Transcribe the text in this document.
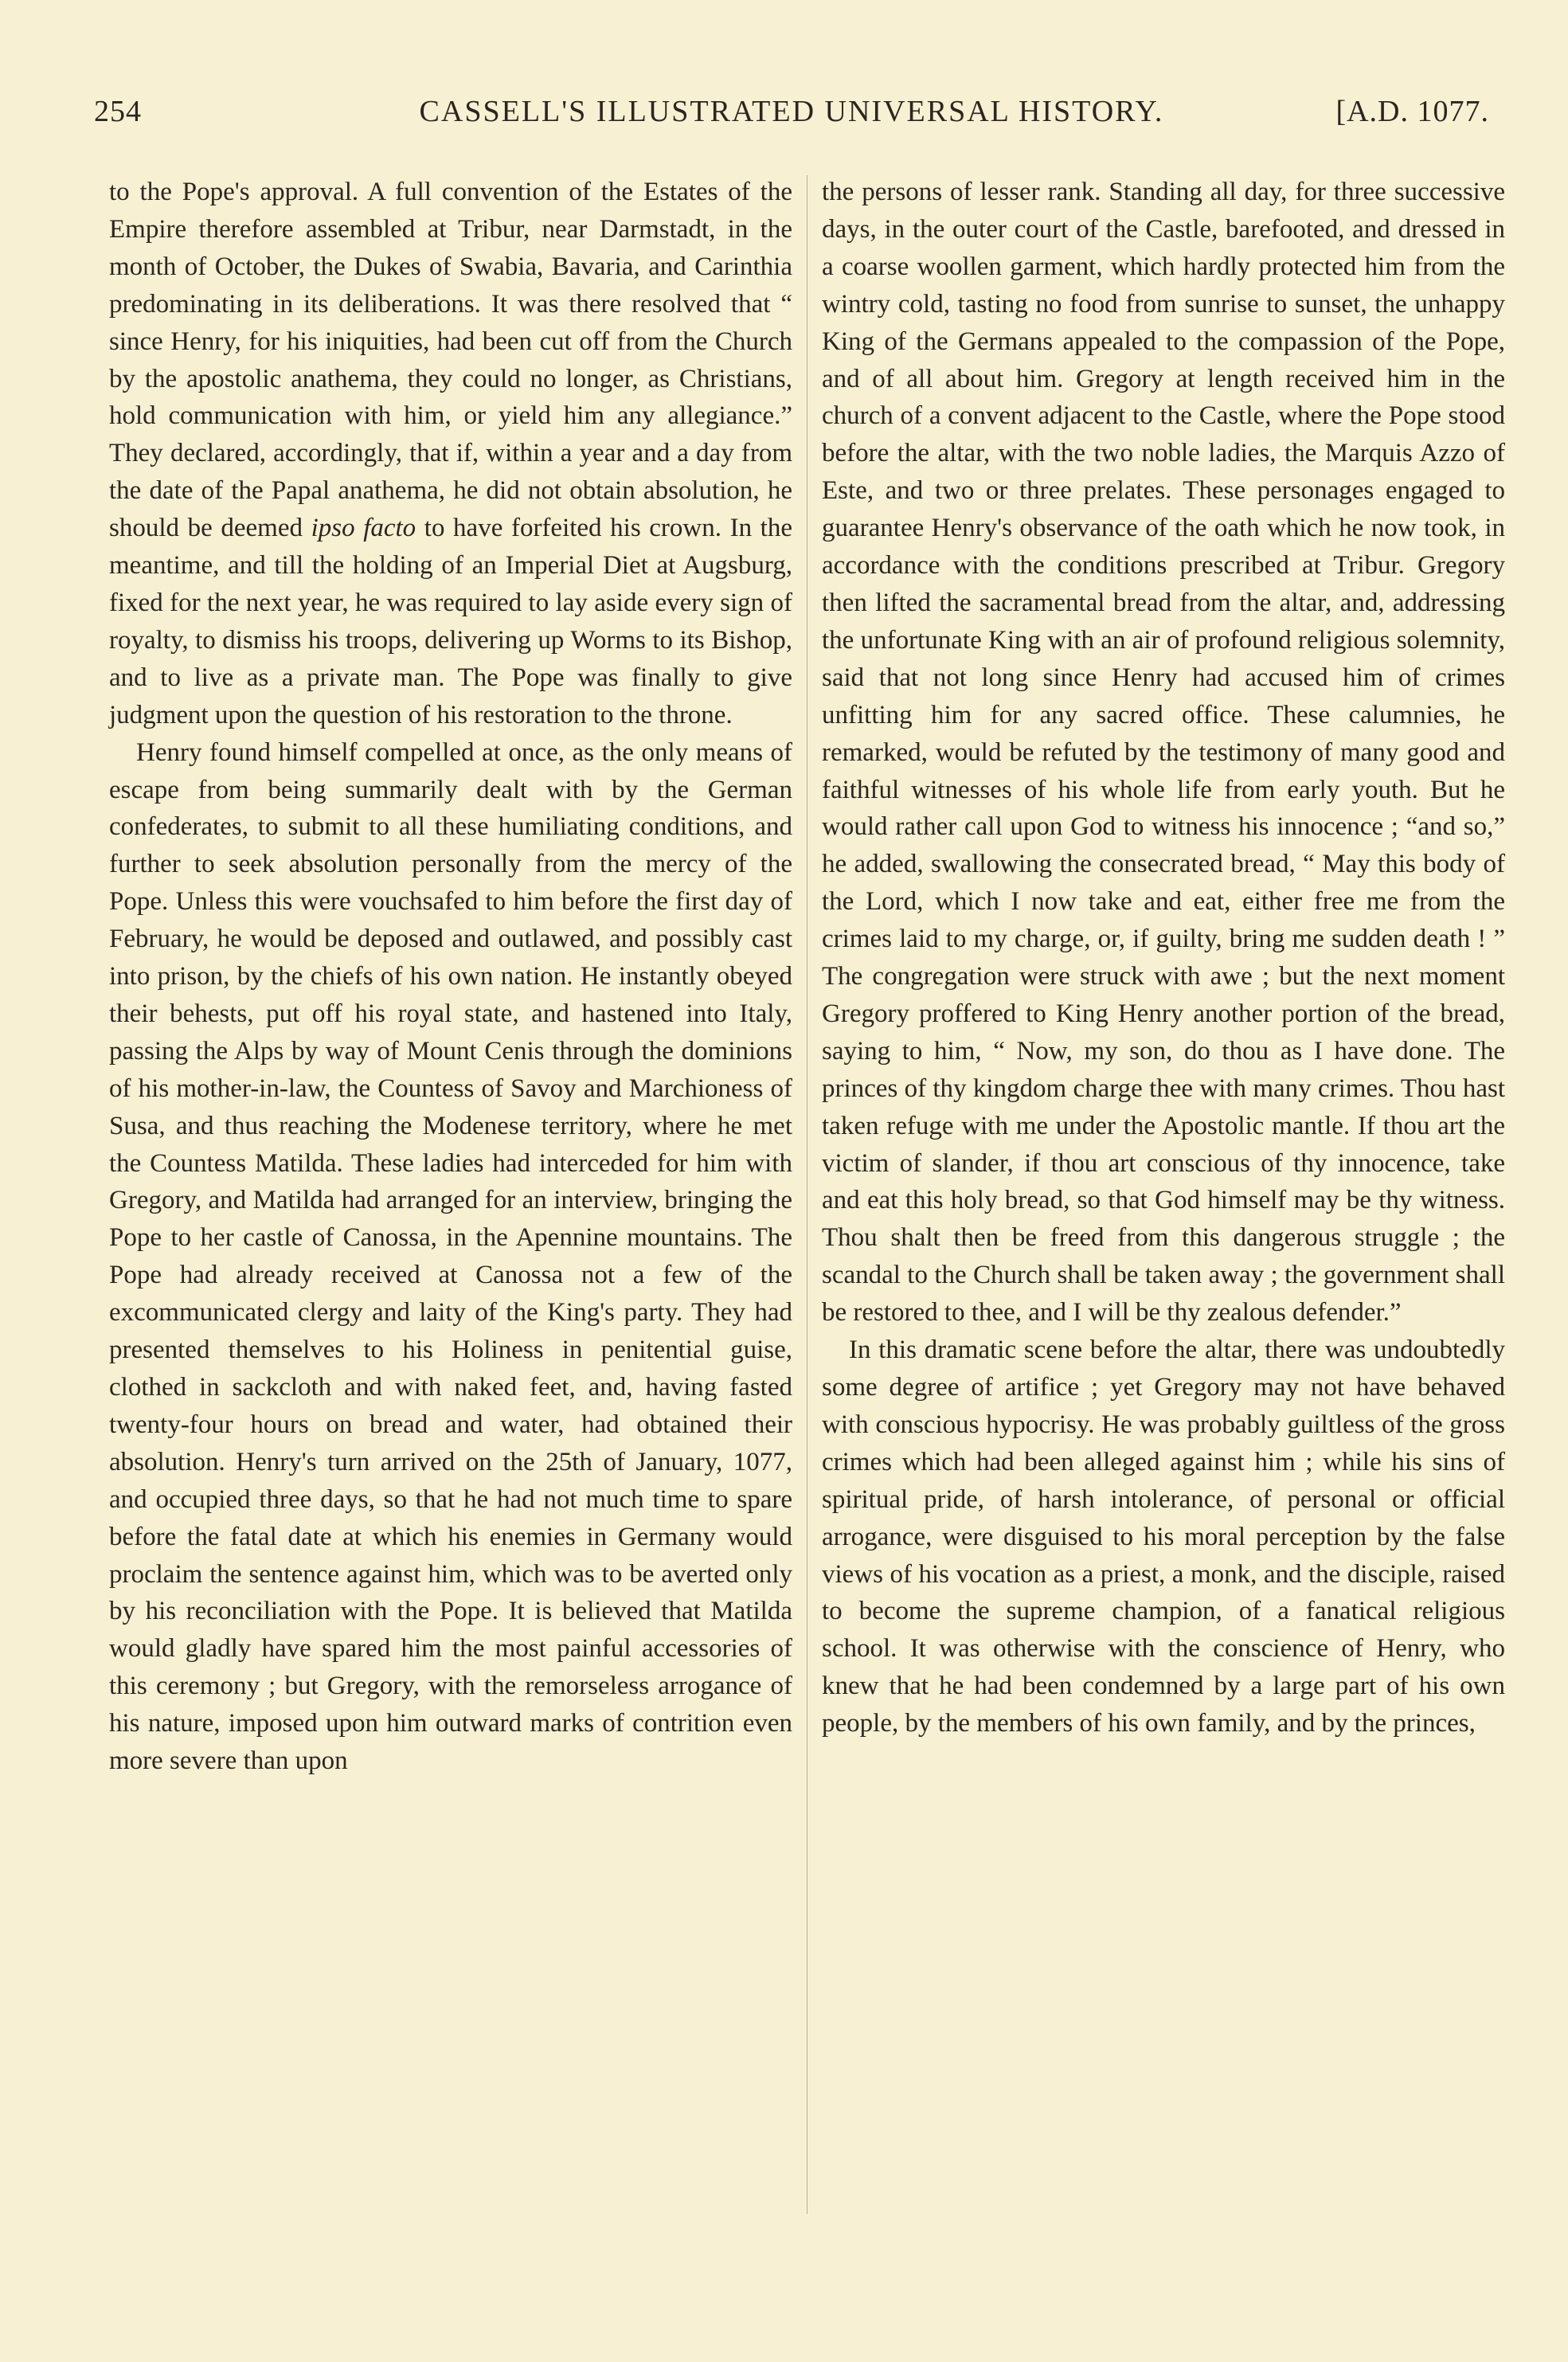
254	CASSELL'S ILLUSTRATED UNIVERSAL HISTORY.	[A.D. 1077.

to the Pope's approval. A full convention of the Estates of the Empire therefore assembled at Tribur, near Darmstadt, in the month of October, the Dukes of Swabia, Bavaria, and Carinthia predominating in its deliberations. It was there resolved that “ since Henry, for his iniquities, had been cut off from the Church by the apostolic anathema, they could no longer, as Christians, hold communication with him, or yield him any allegiance.” They declared, accordingly, that if, within a year and a day from the date of the Papal anathema, he did not obtain absolution, he should be deemed ipso facto to have forfeited his crown. In the meantime, and till the holding of an Imperial Diet at Augsburg, fixed for the next year, he was required to lay aside every sign of royalty, to dismiss his troops, delivering up Worms to its Bishop, and to live as a private man. The Pope was finally to give judgment upon the question of his restoration to the throne.

Henry found himself compelled at once, as the only means of escape from being summarily dealt with by the German confederates, to submit to all these humiliating conditions, and further to seek absolution personally from the mercy of the Pope. Unless this were vouchsafed to him before the first day of February, he would be deposed and outlawed, and possibly cast into prison, by the chiefs of his own nation. He instantly obeyed their behests, put off his royal state, and hastened into Italy, passing the Alps by way of Mount Cenis through the dominions of his mother-in-law, the Countess of Savoy and Marchioness of Susa, and thus reaching the Modenese territory, where he met the Countess Matilda. These ladies had interceded for him with Gregory, and Matilda had arranged for an interview, bringing the Pope to her castle of Canossa, in the Apennine mountains. The Pope had already received at Canossa not a few of the excommunicated clergy and laity of the King's party. They had presented themselves to his Holiness in penitential guise, clothed in sackcloth and with naked feet, and, having fasted twenty-four hours on bread and water, had obtained their absolution. Henry's turn arrived on the 25th of January, 1077, and occupied three days, so that he had not much time to spare before the fatal date at which his enemies in Germany would proclaim the sentence against him, which was to be averted only by his reconciliation with the Pope. It is believed that Matilda would gladly have spared him the most painful accessories of this ceremony ; but Gregory, with the remorseless arrogance of his nature, imposed upon him outward marks of contrition even more severe than upon

the persons of lesser rank. Standing all day, for three successive days, in the outer court of the Castle, barefooted, and dressed in a coarse woollen garment, which hardly protected him from the wintry cold, tasting no food from sunrise to sunset, the unhappy King of the Germans appealed to the compassion of the Pope, and of all about him. Gregory at length received him in the church of a convent adjacent to the Castle, where the Pope stood before the altar, with the two noble ladies, the Marquis Azzo of Este, and two or three prelates. These personages engaged to guarantee Henry's observance of the oath which he now took, in accordance with the conditions prescribed at Tribur. Gregory then lifted the sacramental bread from the altar, and, addressing the unfortunate King with an air of profound religious solemnity, said that not long since Henry had accused him of crimes unfitting him for any sacred office. These calumnies, he remarked, would be refuted by the testimony of many good and faithful witnesses of his whole life from early youth. But he would rather call upon God to witness his innocence ; “and so,” he added, swallowing the consecrated bread, “ May this body of the Lord, which I now take and eat, either free me from the crimes laid to my charge, or, if guilty, bring me sudden death ! ” The congregation were struck with awe ; but the next moment Gregory proffered to King Henry another portion of the bread, saying to him, “ Now, my son, do thou as I have done. The princes of thy kingdom charge thee with many crimes. Thou hast taken refuge with me under the Apostolic mantle. If thou art the victim of slander, if thou art conscious of thy innocence, take and eat this holy bread, so that God himself may be thy witness. Thou shalt then be freed from this dangerous struggle ; the scandal to the Church shall be taken away ; the government shall be restored to thee, and I will be thy zealous defender.”

In this dramatic scene before the altar, there was undoubtedly some degree of artifice ; yet Gregory may not have behaved with conscious hypocrisy. He was probably guiltless of the gross crimes which had been alleged against him ; while his sins of spiritual pride, of harsh intolerance, of personal or official arrogance, were disguised to his moral perception by the false views of his vocation as a priest, a monk, and the disciple, raised to become the supreme champion, of a fanatical religious school. It was otherwise with the conscience of Henry, who knew that he had been condemned by a large part of his own people, by the members of his own family, and by the princes,
